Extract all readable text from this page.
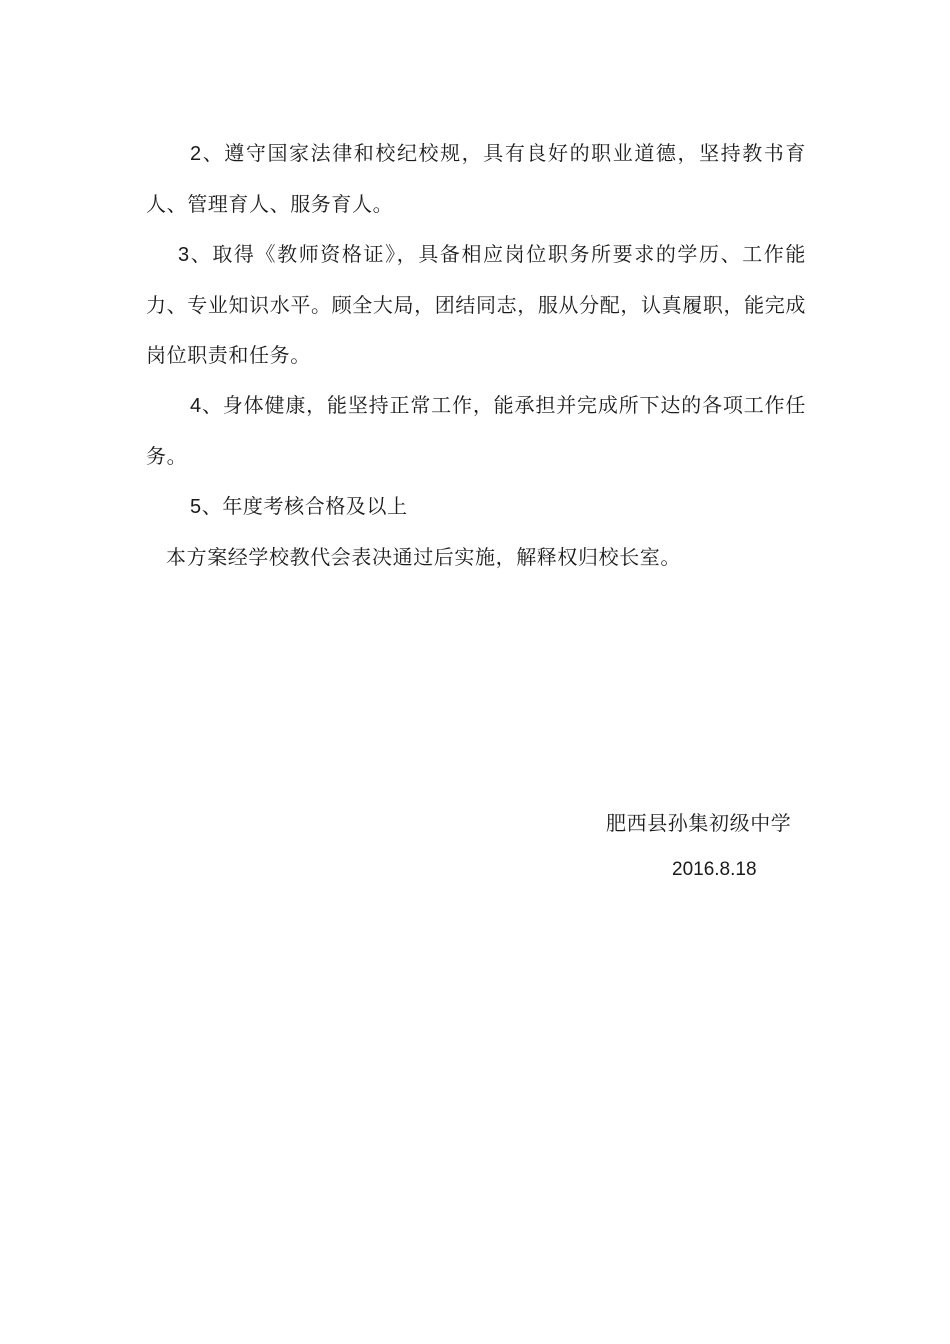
2、遵守国家法律和校纪校规，具有良好的职业道德，坚持教书育人、管理育人、服务育人。

3、取得《教师资格证》，具备相应岗位职务所要求的学历、工作能力、专业知识水平。顾全大局，团结同志，服从分配，认真履职，能完成岗位职责和任务。

4、身体健康，能坚持正常工作，能承担并完成所下达的各项工作任务。

5、年度考核合格及以上

本方案经学校教代会表决通过后实施，解释权归校长室。

肥西县孙集初级中学
2016.8.18
